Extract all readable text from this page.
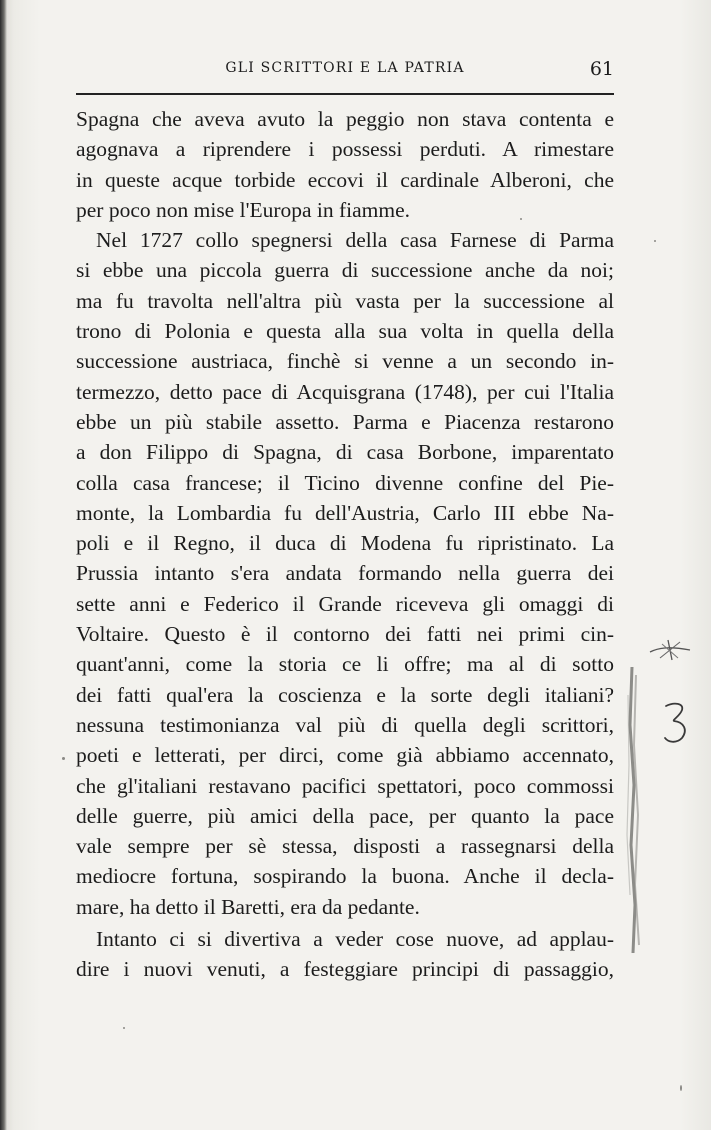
GLI SCRITTORI E LA PATRIA	61
Spagna che aveva avuto la peggio non stava contenta e
agognava a riprendere i possessi perduti. A rimestare
in queste acque torbide eccovi il cardinale Alberoni, che
per poco non mise l'Europa in fiamme.
Nel 1727 collo spegnersi della casa Farnese di Parma
si ebbe una piccola guerra di successione anche da noi;
ma fu travolta nell'altra più vasta per la successione al
trono di Polonia e questa alla sua volta in quella della
successione austriaca, finchè si venne a un secondo in-
termezzo, detto pace di Acquisgrana (1748), per cui l'Italia
ebbe un più stabile assetto. Parma e Piacenza restarono
a don Filippo di Spagna, di casa Borbone, imparentato
colla casa francese; il Ticino divenne confine del Pie-
monte, la Lombardia fu dell'Austria, Carlo III ebbe Na-
poli e il Regno, il duca di Modena fu ripristinato. La
Prussia intanto s'era andata formando nella guerra dei
sette anni e Federico il Grande riceveva gli omaggi di
Voltaire. Questo è il contorno dei fatti nei primi cin-
quant'anni, come la storia ce li offre; ma al di sotto
dei fatti qual'era la coscienza e la sorte degli italiani?
nessuna testimonianza val più di quella degli scrittori,
poeti e letterati, per dirci, come già abbiamo accennato,
che gl'italiani restavano pacifici spettatori, poco commossi
delle guerre, più amici della pace, per quanto la pace
vale sempre per sè stessa, disposti a rassegnarsi della
mediocre fortuna, sospirando la buona. Anche il decla-
mare, ha detto il Baretti, era da pedante.
Intanto ci si divertiva a veder cose nuove, ad applau-
dire i nuovi venuti, a festeggiare principi di passaggio,
